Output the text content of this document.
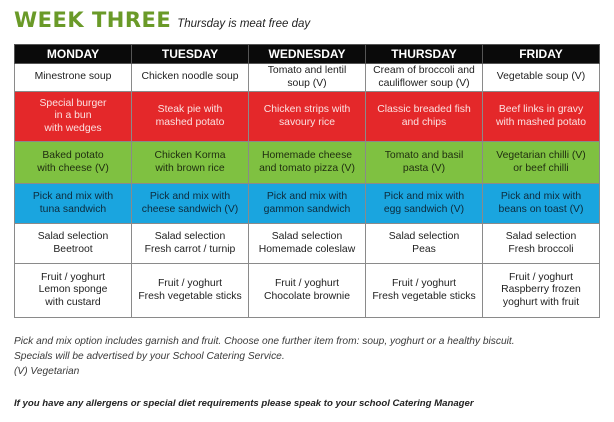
WEEK THREE Thursday is meat free day
MONDAY	TUESDAY	WEDNESDAY	THURSDAY	FRIDAY

Minestrone soup	Chicken noodle soup	Tomato and lentil
soup (V)	Cream of broccoli and
cauliflower soup (V)	Vegetable soup (V)

Special burger
in a bun
with wedges	Steak pie with
mashed potato	Chicken strips with
savoury rice	Classic breaded fish
and chips	Beef links in gravy
with mashed potato

Baked potato
with cheese (V)	Chicken Korma
with brown rice	Homemade cheese
and tomato pizza (V)	Tomato and basil
pasta (V)	Vegetarian chilli (V)
or beef chilli

Pick and mix with
tuna sandwich	Pick and mix with
cheese sandwich (V)	Pick and mix with
gammon sandwich	Pick and mix with
egg sandwich (V)	Pick and mix with
beans on toast (V)

Salad selection
Beetroot	Salad selection
Fresh carrot / turnip	Salad selection
Homemade coleslaw	Salad selection
Peas	Salad selection
Fresh broccoli

Fruit / yoghurt
Lemon sponge
with custard	Fruit / yoghurt
Fresh vegetable sticks	Fruit / yoghurt
Chocolate brownie	Fruit / yoghurt
Fresh vegetable sticks	Fruit / yoghurt
Raspberry frozen
yoghurt with fruit

Pick and mix option includes garnish and fruit. Choose one further item from: soup, yoghurt or a healthy biscuit.

Specials will be advertised by your School Catering Service.

(V) Vegetarian

If you have any allergens or special diet requirements please speak to your school Catering Manager
